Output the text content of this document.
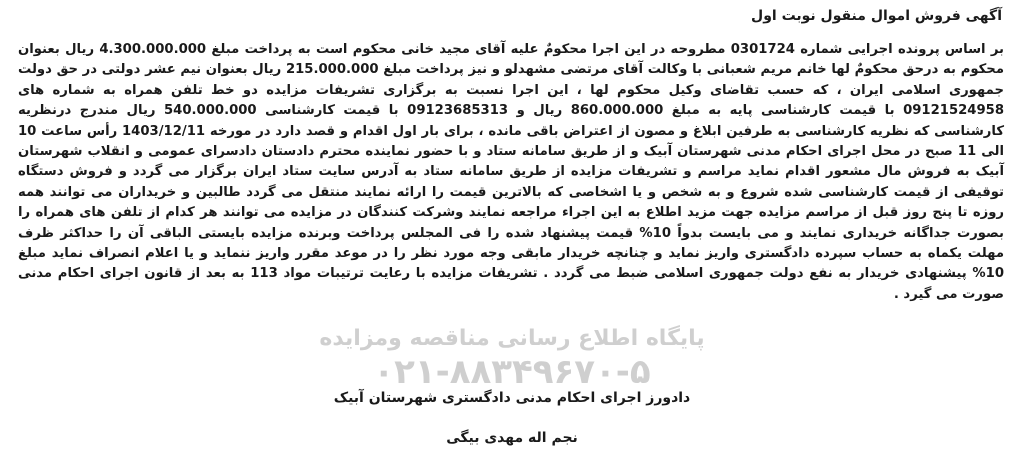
آگهی فروش اموال منقول نوبت اول
پایگاه اطلاع رسانی مناقصه ومزایده
۰۲۱-۸۸۳۴۹۶۷۰-۵
بر اساس پرونده اجرایی شماره 0301724 مطروحه در این اجرا محکومٌ علیه آقای مجید خانی محکوم است به پرداخت مبلغ 4.300.000.000 ریال بعنوان محکوم به درحق محکومٌ لها خانم مریم شعبانی با وکالت آقای مرتضی مشهدلو و نیز پرداخت مبلغ 215.000.000 ریال بعنوان نیم عشر دولتی در حق دولت جمهوری اسلامی ایران ، که حسب تقاضای وکیل محکوم لها ، این اجرا نسبت به برگزاری تشریفات مزایده دو خط تلفن همراه به شماره های 09121524958 با قیمت کارشناسی پایه به مبلغ 860.000.000 ریال و 09123685313 با قیمت کارشناسی 540.000.000 ریال مندرج درنظریه کارشناسی که نظریه کارشناسی به طرفین ابلاغ و مصون از اعتراض باقی مانده ، برای بار اول اقدام و قصد دارد در مورخه 1403/12/11 رأس ساعت 10 الی 11 صبح در محل اجرای احکام مدنی شهرستان آبیک و از طریق سامانه ستاد و با حضور نماینده محترم دادستان دادسرای عمومی و انقلاب شهرستان آبیک به فروش مال مشعور اقدام نماید مراسم و تشریفات مزایده از طریق سامانه ستاد به آدرس سایت ستاد ایران برگزار می گردد و فروش دستگاه توقیفی از قیمت کارشناسی شده شروع و به شخص و یا اشخاصی که بالاترین قیمت را ارائه نمایند منتقل می گردد طالبین و خریداران می توانند همه روزه تا پنج روز قبل از مراسم مزایده جهت مزید اطلاع به این اجراء مراجعه نمایند وشرکت کنندگان در مزایده می توانند هر کدام از تلفن های همراه را بصورت جداگانه خریداری نمایند و می بایست بدواً 10% قیمت پیشنهاد شده را فی المجلس پرداخت وبرنده مزایده بایستی الباقی آن را حداکثر ظرف مهلت یکماه به حساب سپرده دادگستری واریز نماید و چنانچه خریدار مابقی وجه مورد نظر را در موعد مقرر واریز ننماید و یا اعلام انصراف نماید مبلغ 10% پیشنهادی خریدار به نفع دولت جمهوری اسلامی ضبط می گردد . تشریفات مزایده با رعایت ترتیبات مواد 113 به بعد از قانون اجرای احکام مدنی صورت می گیرد .
دادورز اجرای احکام مدنی دادگستری شهرستان آبیک
نجم اله مهدی بیگی
